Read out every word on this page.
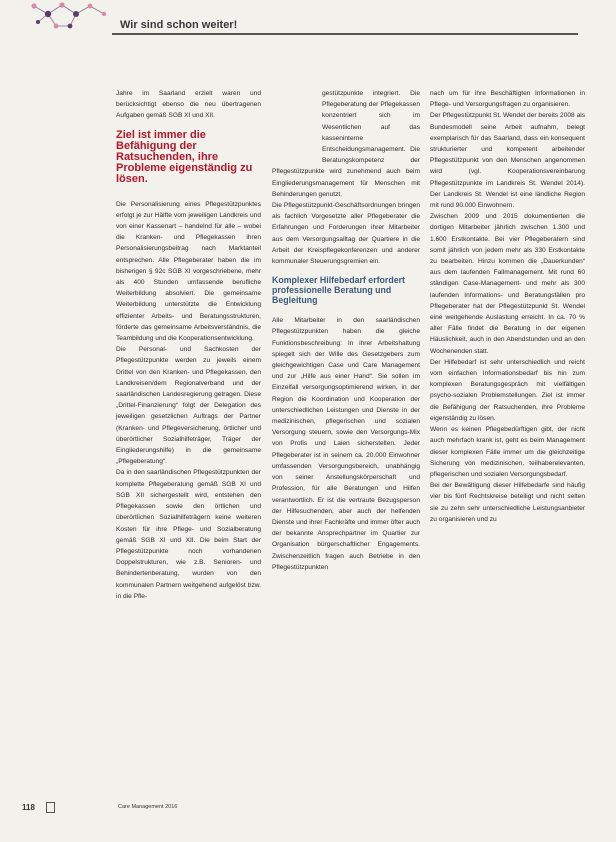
Wir sind schon weiter!

Jahre im Saarland erzielt waren und berücksichtigt ebenso die neu übertragenen Aufgaben gemäß SGB XI und XII.

Ziel ist immer die Befähigung der Ratsuchenden, ihre Probleme eigenständig zu lösen.

Die Personalisierung eines Pflegestützpunktes erfolgt je zur Hälfte vom jeweiligen Landkreis und von einer Kassenart – handelnd für alle – wobei die Kranken- und Pflegekassen ihren Personalisierungsbeitrag nach Marktanteil entsprechen. Alle Pflegeberater haben die im bisherigen § 92c SGB XI vorgeschriebene, mehr als 400 Stunden umfassende berufliche Weiterbildung absolviert. Die gemeinsame Weiterbildung unterstützte die Entwicklung effizienter Arbeits- und Beratungsstrukturen, förderte das gemeinsame Arbeitsverständnis, die Teambildung und die Kooperationsentwicklung.

Die Personal- und Sachkosten der Pflegestützpunkte werden zu jeweils einem Drittel von den Kranken- und Pflegekassen, den Landkreisen/dem Regionalverband und der saarländischen Landesregierung getragen. Diese „Drittel-Finanzierung“ folgt der Delegation des jeweiligen gesetzlichen Auftrags der Partner (Kranken- und Pflegeversicherung, örtlicher und überörtlicher Sozialhilfeträger, Träger der Eingliederungshilfe) in die gemeinsame „Pflegeberatung“.

Da in den saarländischen Pflegestützpunkten der komplette Pflegeberatung gemäß SGB XI und SGB XII sichergestellt wird, entstehen den Pflegekassen sowie den örtlichen und überörtlichen Sozialhilfeträgern keine weiteren Kosten für ihre Pflege- und Sozialberatung gemäß SGB XI und XII. Die beim Start der Pflegestützpunkte noch vorhandenen Doppelstrukturen, wie z.B. Senioren- und Behindertenberatung, wurden von den kommunalen Partnern weitgehend aufgelöst bzw. in die Pfle-

gestützpunkte integriert. Die Pflegeberatung der Pflegekassen konzentriert sich im Wesentlichen auf das kasseninterne Entscheidungsmanagement. Die Beratungskompetenz der Pflegestützpunkte wird zunehmend auch beim Eingliederungsmanagement für Menschen mit Behinderungen genutzt.

Die Pflegestützpunkt-Geschäftsordnungen bringen als fachlich Vorgesetzte aller Pflegeberater die Erfahrungen und Forderungen ihrer Mitarbeiter aus dem Versorgungsalltag der Quartiere in die Arbeit der Kreispflegekonferenzen und anderer kommunaler Steuerungsgremien ein.

Komplexer Hilfebedarf erfordert professionelle Beratung und Begleitung

Alle Mitarbeiter in den saarländischen Pflegestützpunkten haben die gleiche Funktionsbeschreibung: In ihrer Arbeitshaltung spiegelt sich der Wille des Gesetzgebers zum gleichgewichtigen Case und Care Management und zur „Hilfe aus einer Hand“. Sie sollen im Einzelfall versorgungsoptimierend wirken, in der Region die Koordination und Kooperation der unterschiedlichen Leistungen und Dienste in der medizinischen, pflegerischen und sozialen Versorgung steuern, sowie den Versorgungs-Mix von Profis und Laien sicherstellen. Jeder Pflegeberater ist in seinem ca. 20.000 Einwohner umfassenden Versorgungsbereich, unabhängig von seiner Anstellungskörperschaft und Profession, für alle Beratungen und Hilfen verantwortlich. Er ist die vertraute Bezugsperson der Hilfesuchenden, aber auch der helfenden Dienste und ihrer Fachkräfte und immer öfter auch der bekannte Ansprechpartner im Quartier zur Organisation bürgerschaftlicher Engagements. Zwischenzeitlich fragen auch Betriebe in den Pflegestützpunkten

nach um für ihre Beschäftigten Informationen in Pflege- und Versorgungsfragen zu organisieren.

Der Pflegestützpunkt St. Wendel der bereits 2008 als Bundesmodell seine Arbeit aufnahm, belegt exemplarisch für das Saarland, dass ein konsequent strukturierter und kompetent arbeitender Pflegestützpunkt von den Menschen angenommen wird (vgl. Kooperationsvereinbarung Pflegestützpunkte im Landkreis St. Wendel 2014). Der Landkreis St. Wendel ist eine ländliche Region mit rund 90.000 Einwohnern.

Zwischen 2009 und 2015 dokumentierten die dortigen Mitarbeiter jährlich zwischen 1.300 und 1.600 Erstkontakte. Bei vier Pflegeberatern sind somit jährlich von jedem mehr als 330 Erstkontakte zu bearbeiten. Hinzu kommen die „Dauerkunden“ aus dem laufenden Fallmanagement. Mit rund 60 ständigen Case-Management- und mehr als 300 laufenden Informations- und Beratungsfällen pro Pflegeberater hat der Pflegestützpunkt St. Wendel eine weitgehende Auslastung erreicht. In ca. 70 % aller Fälle findet die Beratung in der eigenen Häuslichkeit, auch in den Abendstunden und an den Wochenenden statt.

Der Hilfebedarf ist sehr unterschiedlich und reicht vom einfachen Informationsbedarf bis hin zum komplexen Beratungsgespräch mit vielfältigen psycho-sozialen Problemstellungen. Ziel ist immer die Befähigung der Ratsuchenden, ihre Probleme eigenständig zu lösen.

Wenn es keinen Pflegebedürftigen gibt, der nicht auch mehrfach krank ist, geht es beim Management dieser komplexen Fälle immer um die gleichzeitige Sicherung von medizinischen, teilhaberelevanten, pflegerischen und sozialen Versorgungsbedarf.

Bei der Bewältigung dieser Hilfebedarfe sind häufig vier bis fünf Rechtskreise beteiligt und nicht selten sie zu zehn sehr unterschiedliche Leistungsanbieter zu organisieren und zu

118	Care Management 2016
